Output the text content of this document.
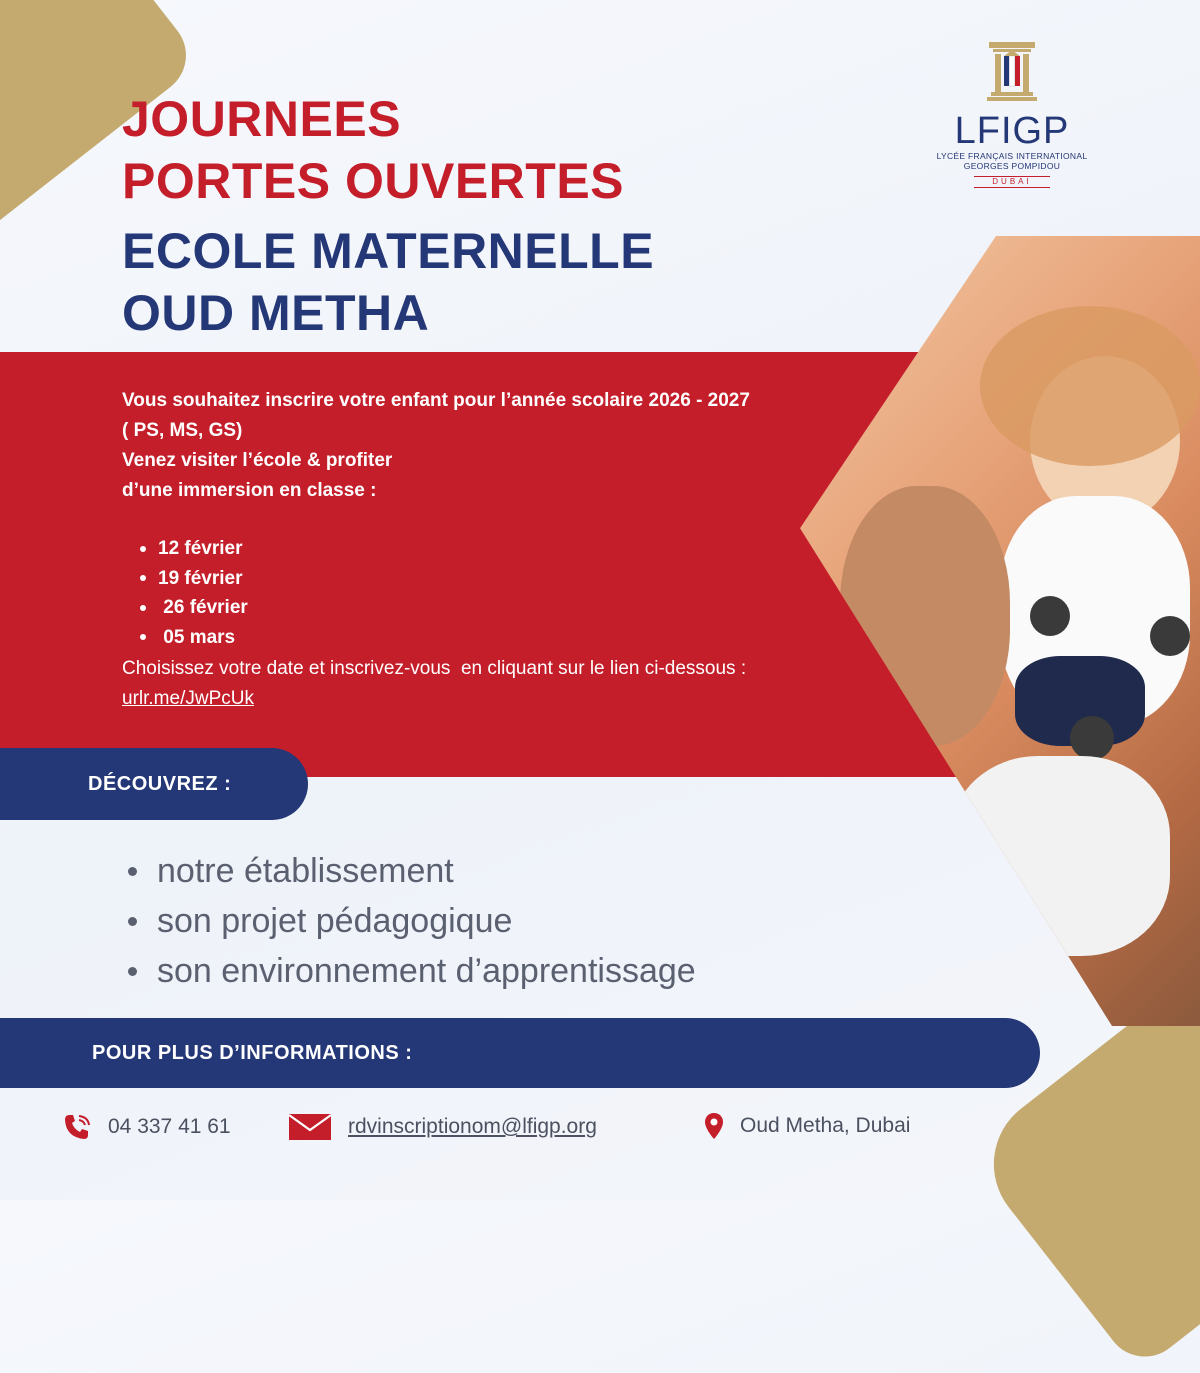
JOURNEES
PORTES OUVERTES
ECOLE MATERNELLE
OUD METHA
LFIGP
LYCÉE FRANÇAIS INTERNATIONAL
GEORGES POMPIDOU
DUBAI
Vous souhaitez inscrire votre enfant pour l’année scolaire 2026 - 2027
( PS, MS, GS)
Venez visiter l’école & profiter
d’une immersion en classe :
12 février
19 février
26 février
05 mars
Choisissez votre date et inscrivez-vous  en cliquant sur le lien ci-dessous :
urlr.me/JwPcUk
DÉCOUVREZ :
notre établissement
son projet pédagogique
son environnement d’apprentissage
POUR PLUS D’INFORMATIONS :
04 337 41 61	rdvinscriptionom@lfigp.org	Oud Metha, Dubai
